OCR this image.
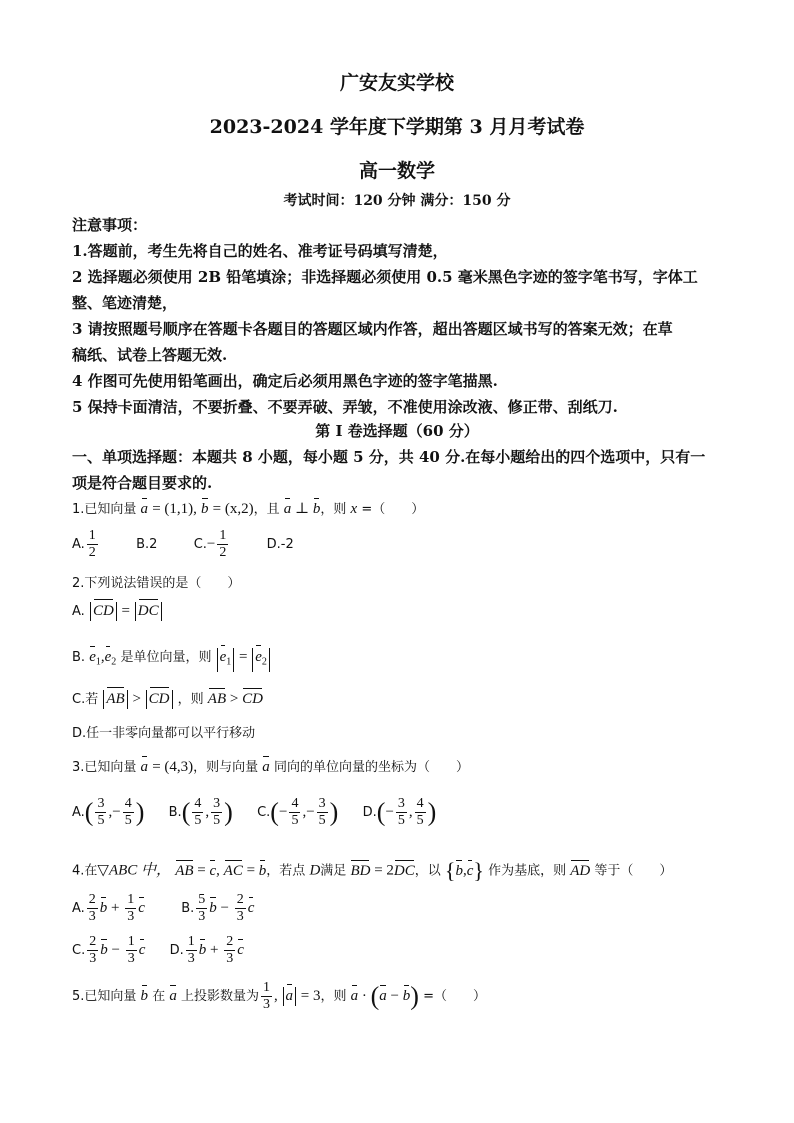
广安友实学校
2023-2024 学年度下学期第 3 月月考试卷
高一数学
考试时间：120 分钟 满分：150 分
注意事项：
1.答题前，考生先将自己的姓名、准考证号码填写清楚，
2 选择题必须使用 2B 铅笔填涂；非选择题必须使用 0.5 毫米黑色字迹的签字笔书写，字体工
整、笔迹清楚，
3 请按照题号顺序在答题卡各题目的答题区域内作答，超出答题区域书写的答案无效；在草
稿纸、试卷上答题无效.
4 作图可先使用铅笔画出，确定后必须用黑色字迹的签字笔描黑.
5 保持卡面清洁，不要折叠、不要弄破、弄皱，不准使用涂改液、修正带、刮纸刀.
第 I 卷选择题（60 分）
一、单项选择题：本题共 8 小题，每小题 5 分，共 40 分.在每小题给出的四个选项中，只有一
项是符合题目要求的.
1.已知向量 a = (1,1), b = (x,2)，且 a ⊥ b，则 x =（　　）
A. $\frac{1}{2}$	B.2	$C.- \frac{1}{2}$	D.-2
2.下列说法错误的是（　　）
A. CD = DC
B. $e_1,e_2$ 是单位向量，则 $e_1 = e_2$
C.若 AB > CD ，则 AB > CD
D.任一非零向量都可以平行移动
3.已知向量 a = (4,3)，则与向量 a 同向的单位向量的坐标为（　　）
$A.( \frac{3}{5}$ ,− $\frac{4}{5}$ ) $B.( \frac{4}{5}$ , $\frac{3}{5}$ ) $C.(- \frac{4}{5}$ ,− $\frac{3}{5}$ ) $D.(- \frac{3}{5}$ , $\frac{4}{5}$ )
4.在▽ABC 中， AB = c, AC = b，若点 D满足 BD = 2DC，以 {b,c} 作为基底，则 AD 等于（　　）
A. $\frac{2}{3}$ $b + \frac{1}{3}$ c	B. $\frac{5}{3}$ $b - \frac{2}{3}$ c
C. $\frac{2}{3}$ $b - \frac{1}{3}$ c D. $\frac{1}{3}$ $b + \frac{2}{3}$ c
5.已知向量 b 在 a 上投影数量为 $\frac{1}{3}$ , a = 3，则 a · (a − b) =（　　）
